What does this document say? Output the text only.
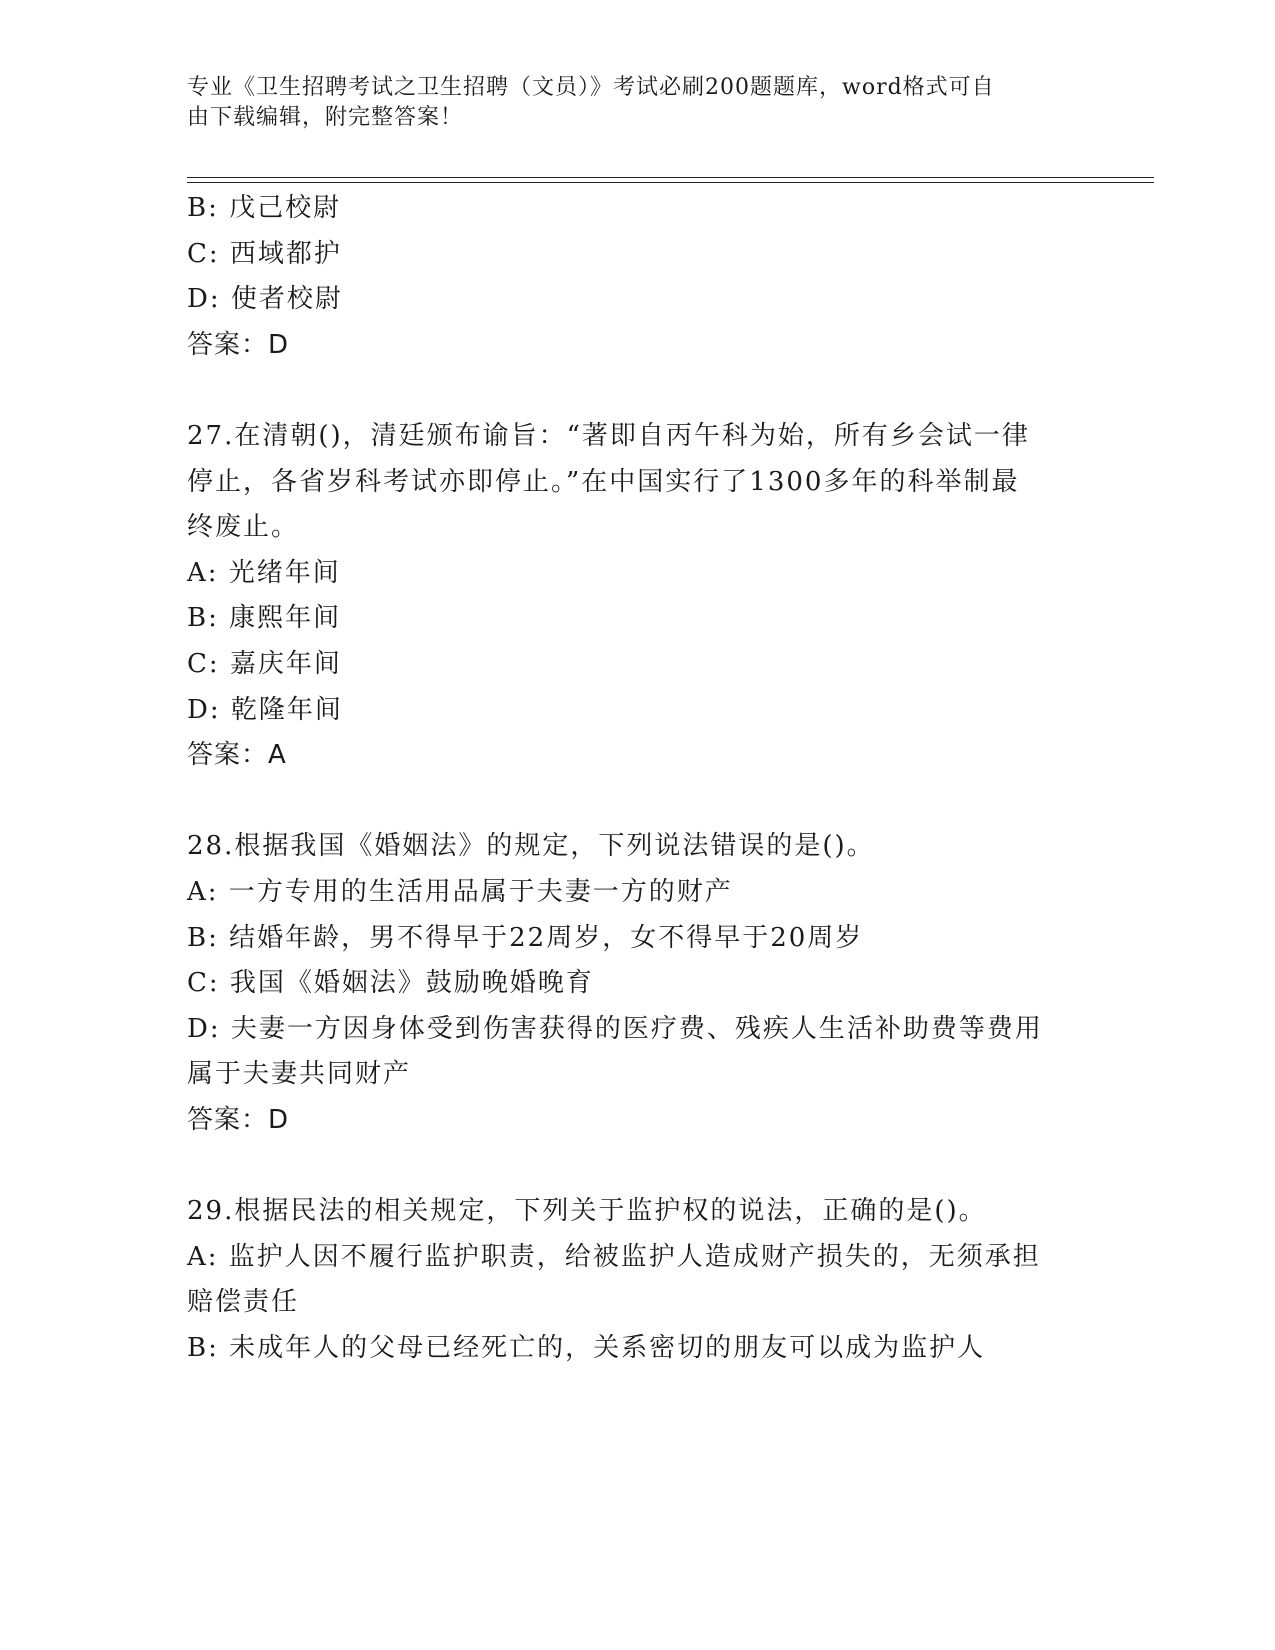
专业《卫生招聘考试之卫生招聘（文员）》考试必刷200题题库，word格式可自
由下载编辑，附完整答案！
B: 戊己校尉
C: 西域都护
D: 使者校尉
答案：D
27.在清朝()，清廷颁布谕旨：“著即自丙午科为始，所有乡会试一律
停止，各省岁科考试亦即停止。”在中国实行了1300多年的科举制最
终废止。
A: 光绪年间
B: 康熙年间
C: 嘉庆年间
D: 乾隆年间
答案：A
28.根据我国《婚姻法》的规定，下列说法错误的是()。
A: 一方专用的生活用品属于夫妻一方的财产
B: 结婚年龄，男不得早于22周岁，女不得早于20周岁
C: 我国《婚姻法》鼓励晚婚晚育
D: 夫妻一方因身体受到伤害获得的医疗费、残疾人生活补助费等费用
属于夫妻共同财产
答案：D
29.根据民法的相关规定，下列关于监护权的说法，正确的是()。
A: 监护人因不履行监护职责，给被监护人造成财产损失的，无须承担
赔偿责任
B: 未成年人的父母已经死亡的，关系密切的朋友可以成为监护人
